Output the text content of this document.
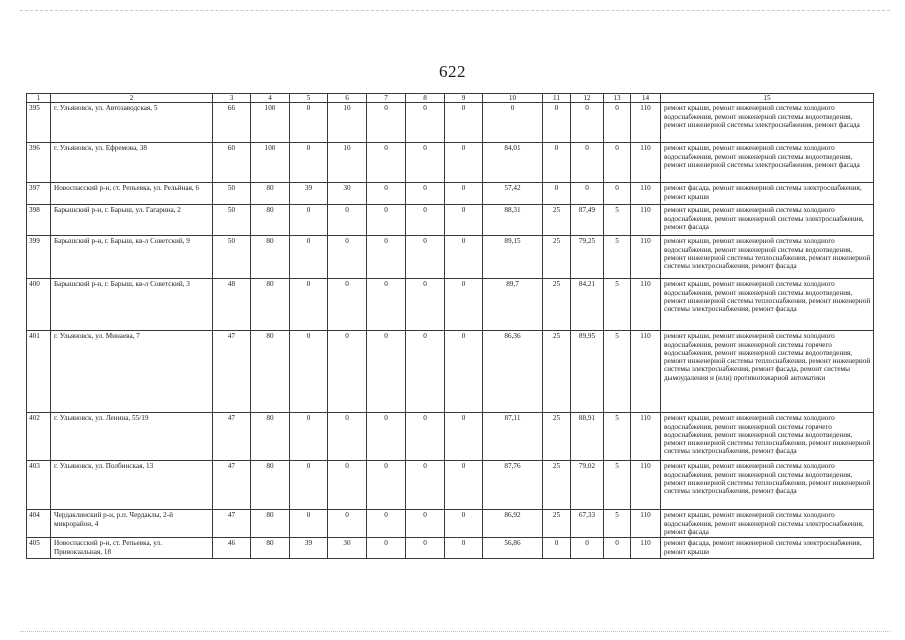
622
1	2	3	4	5	6	7	8	9	10	11	12	13	14	15
395	г. Ульяновск, ул. Автозаводская, 5	66	100	0	10	0	0	0	0	0	0	0	110	ремонт крыши, ремонт инженерной системы холодного водоснабжения, ремонт инженерной системы водоотведения, ремонт инженерной системы электроснабжения, ремонт фасада
396	г. Ульяновск, ул. Ефремова, 38	60	100	0	10	0	0	0	84,01	0	0	0	110	ремонт крыши, ремонт инженерной системы холодного водоснабжения, ремонт инженерной системы водоотведения, ремонт инженерной системы электроснабжения, ремонт фасада
397	Новоспасский р-н, ст. Репьевка, ул. Рельйная, 6	50	80	39	30	0	0	0	57,42	0	0	0	110	ремонт фасада, ремонт инженерной системы электроснабжения, ремонт крыши
398	Барышский р-н, г. Барыш, ул. Гагарина, 2	50	80	0	0	0	0	0	88,31	25	87,49	5	110	ремонт крыши, ремонт инженерной системы холодного водоснабжения, ремонт инженерной системы электроснабжения, ремонт фасада
399	Барышский р-н, г. Барыш, кв-л Советский, 9	50	80	0	0	0	0	0	89,15	25	79,25	5	110	ремонт крыши, ремонт инженерной системы холодного водоснабжения, ремонт инженерной системы водоотведения, ремонт инженерной системы теплоснабжения, ремонт инженерной системы электроснабжения, ремонт фасада
400	Барышский р-н, г. Барыш, кв-л Советский, 3	48	80	0	0	0	0	0	89,7	25	84,21	5	110	ремонт крыши, ремонт инженерной системы холодного водоснабжения, ремонт инженерной системы водоотведения, ремонт инженерной системы теплоснабжения, ремонт инженерной системы электроснабжения, ремонт фасада
401	г. Ульяновск, ул. Минаева, 7	47	80	0	0	0	0	0	86,36	25	89,95	5	110	ремонт крыши, ремонт инженерной системы холодного водоснабжения, ремонт инженерной системы горячего водоснабжения, ремонт инженерной системы водоотведения, ремонт инженерной системы теплоснабжения, ремонт инженерной системы электроснабжения, ремонт фасада, ремонт системы дымоудаления и (или) противопожарной автоматики
402	г. Ульяновск, ул. Ленина, 55/19	47	80	0	0	0	0	0	87,11	25	88,91	5	110	ремонт крыши, ремонт инженерной системы холодного водоснабжения, ремонт инженерной системы горячего водоснабжения, ремонт инженерной системы водоотведения, ремонт инженерной системы теплоснабжения, ремонт инженерной системы электроснабжения, ремонт фасада
403	г. Ульяновск, ул. Полбинская, 13	47	80	0	0	0	0	0	87,76	25	79,02	5	110	ремонт крыши, ремонт инженерной системы холодного водоснабжения, ремонт инженерной системы водоотведения, ремонт инженерной системы теплоснабжения, ремонт инженерной системы электроснабжения, ремонт фасада
404	Чердаклинский р-н, р.п. Чердаклы, 2-й микрорайон, 4	47	80	0	0	0	0	0	86,92	25	67,33	5	110	ремонт крыши, ремонт инженерной системы холодного водоснабжения, ремонт инженерной системы электроснабжения, ремонт фасада
405	Новоспасский р-н, ст. Репьевка, ул. Привокзальная, 18	46	80	39	30	0	0	0	56,86	0	0	0	110	ремонт фасада, ремонт инженерной системы электроснабжения, ремонт крыши
